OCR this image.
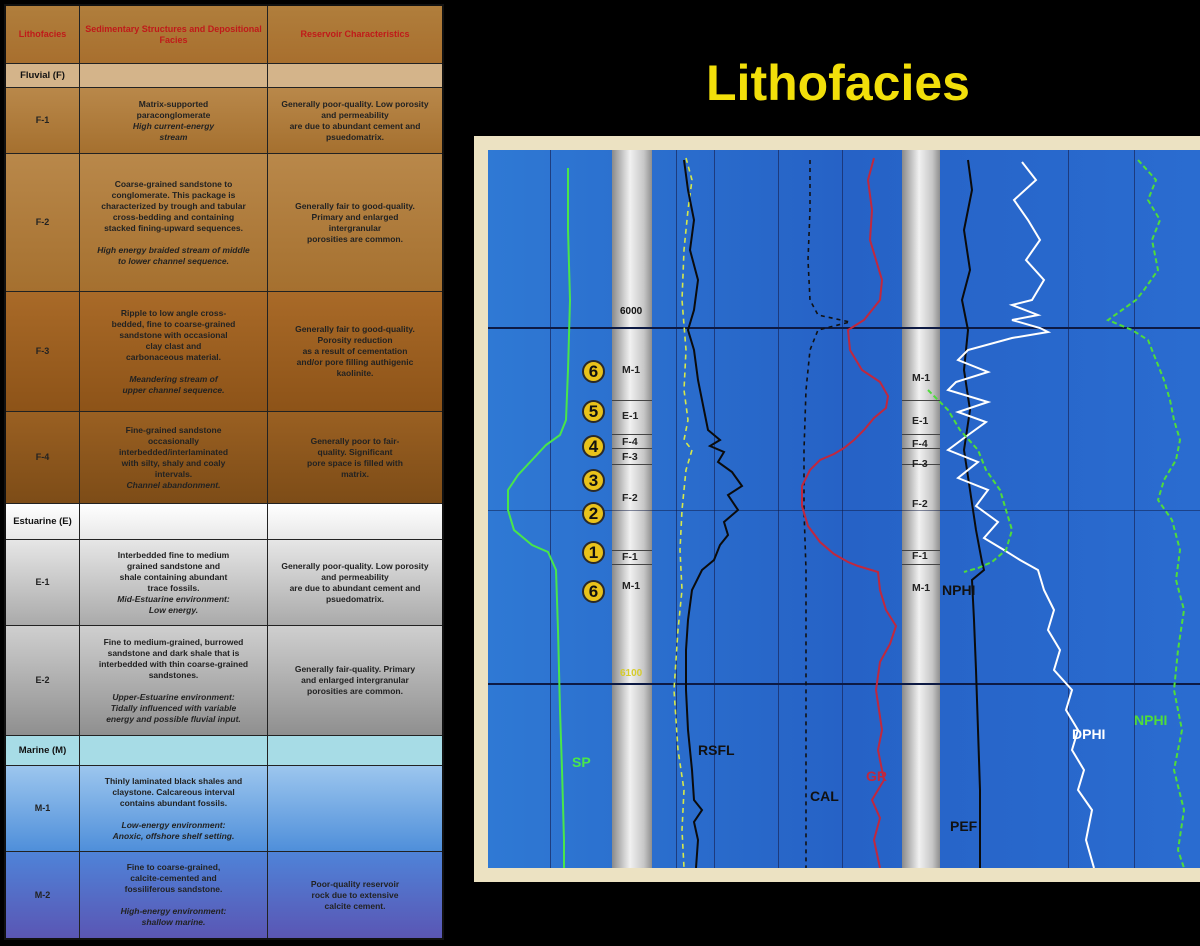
Lithofacies
Sedimentary Structures and Depositional Facies
Reservoir Characteristics
Fluvial (F)
F-1
Matrix-supported
paraconglomerate
High current-energy
stream
Generally poor-quality. Low porosity
and permeability
are due to abundant cement and
psuedomatrix.
F-2
Coarse-grained sandstone to
conglomerate. This package is
characterized by trough and tabular
cross-bedding and containing
stacked fining-upward sequences.

High energy braided stream of middle
to lower channel sequence.
Generally fair to good-quality.
Primary and enlarged
intergranular
porosities are common.
F-3
Ripple to low angle cross-
bedded, fine to coarse-grained
sandstone with occasional
clay clast and
carbonaceous material.

Meandering stream of
upper channel sequence.
Generally fair to good-quality.
Porosity reduction
as a result of cementation
and/or pore filling authigenic
kaolinite.
F-4
Fine-grained sandstone
occasionally
interbedded/interlaminated
with silty, shaly and coaly
intervals.
Channel abandonment.
Generally poor to fair-
quality. Significant
pore space is filled with
matrix.
Estuarine (E)
E-1
Interbedded fine to medium
grained sandstone and
shale containing abundant
trace fossils.
Mid-Estuarine environment:
Low energy.
Generally poor-quality. Low porosity
and permeability
are due to abundant cement and
psuedomatrix.
E-2
Fine to medium-grained, burrowed
sandstone and dark shale that is
interbedded with thin coarse-grained
sandstones.

Upper-Estuarine environment:
Tidally influenced with variable
energy and possible fluvial input.
Generally fair-quality. Primary
and enlarged intergranular
porosities are common.
Marine (M)
M-1
Thinly laminated black shales and
claystone. Calcareous interval
contains abundant fossils.

Low-energy environment:
Anoxic, offshore shelf setting.
M-2
Fine to coarse-grained,
calcite-cemented and
fossiliferous sandstone.

High-energy environment:
shallow marine.
Poor-quality reservoir
rock due to extensive
calcite cement.
Lithofacies
6000
6100
M-1
E-1
F-4
F-3
F-2
F-1
M-1
M-1
E-1
F-4
F-3
F-2
F-1
M-1
6
5
4
3
2
1
6
SP
RSFL
CAL
GR
NPHI
PEF
DPHI
NPHI
